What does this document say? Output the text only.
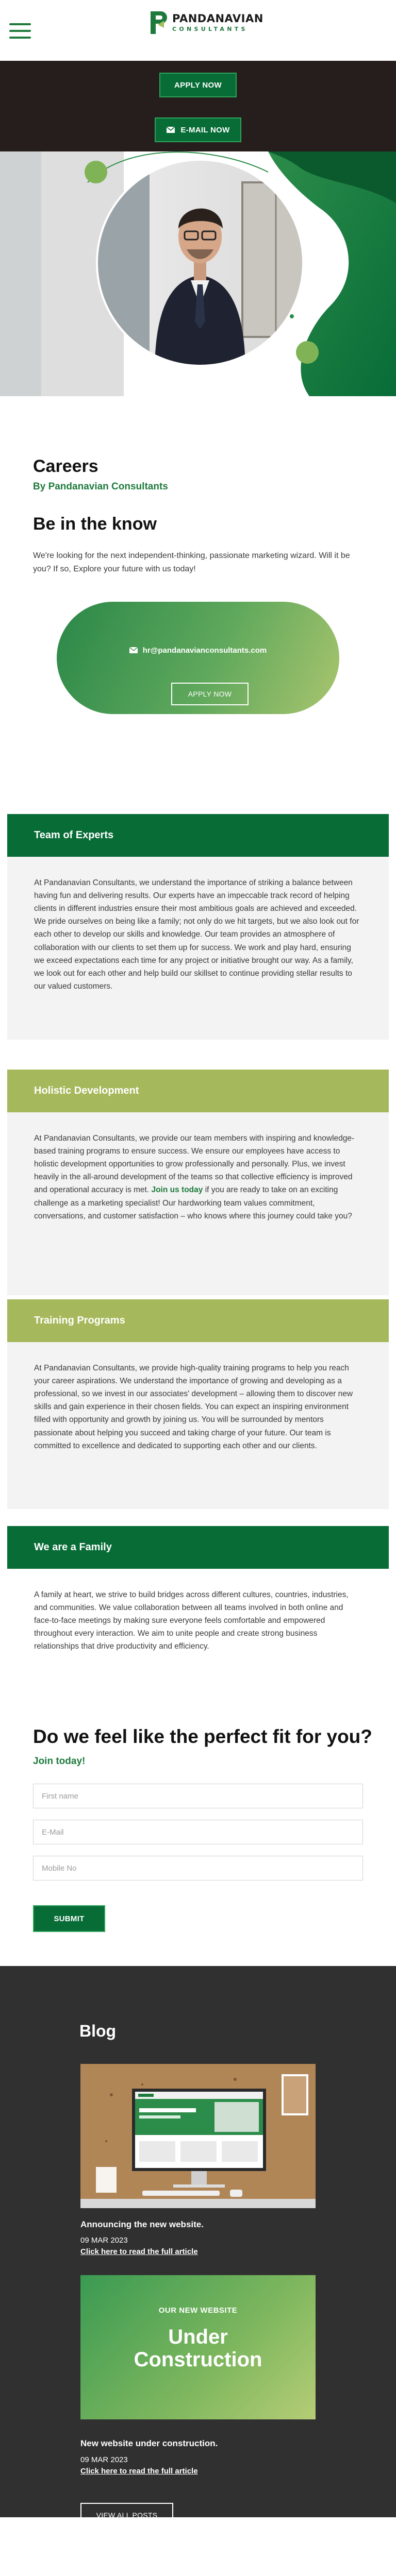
PANDANAVIAN
CONSULTANTS
APPLY NOW
E-MAIL NOW
Careers
By Pandanavian Consultants
Be in the know

We're looking for the next independent-thinking, passionate marketing wizard. Will it be you? If so, Explore your future with us today!

hr@pandanavianconsultants.com
APPLY NOW
Team of Experts

At Pandanavian Consultants, we understand the importance of striking a balance between having fun and delivering results. Our experts have an impeccable track record of helping clients in different industries ensure their most ambitious goals are achieved and exceeded. We pride ourselves on being like a family; not only do we hit targets, but we also look out for each other to develop our skills and knowledge. Our team provides an atmosphere of collaboration with our clients to set them up for success. We work and play hard, ensuring we exceed expectations each time for any project or initiative brought our way. As a family, we look out for each other and help build our skillset to continue providing stellar results to our valued customers.

Holistic Development

At Pandanavian Consultants, we provide our team members with inspiring and knowledge-based training programs to ensure success. We ensure our employees have access to holistic development opportunities to grow professionally and personally. Plus, we invest heavily in the all-around development of the teams so that collective efficiency is improved and operational accuracy is met. Join us today if you are ready to take on an exciting challenge as a marketing specialist! Our hardworking team values commitment, conversations, and customer satisfaction – who knows where this journey could take you?

Training Programs

At Pandanavian Consultants, we provide high-quality training programs to help you reach your career aspirations. We understand the importance of growing and developing as a professional, so we invest in our associates' development – allowing them to discover new skills and gain experience in their chosen fields. You can expect an inspiring environment filled with opportunity and growth by joining us. You will be surrounded by mentors passionate about helping you succeed and taking charge of your future. Our team is committed to excellence and dedicated to supporting each other and our clients.

We are a Family

A family at heart, we strive to build bridges across different cultures, countries, industries, and communities. We value collaboration between all teams involved in both online and face-to-face meetings by making sure everyone feels comfortable and empowered throughout every interaction. We aim to unite people and create strong business relationships that drive productivity and efficiency.

Do we feel like the perfect fit for you?
Join today!
First name
E-Mail
Mobile No
SUBMIT
Blog
Announcing the new website.
09 MAR 2023
Click here to read the full article
OUR NEW WEBSITE
Under
Construction
New website under construction.
09 MAR 2023
Click here to read the full article
VIEW ALL POSTS
